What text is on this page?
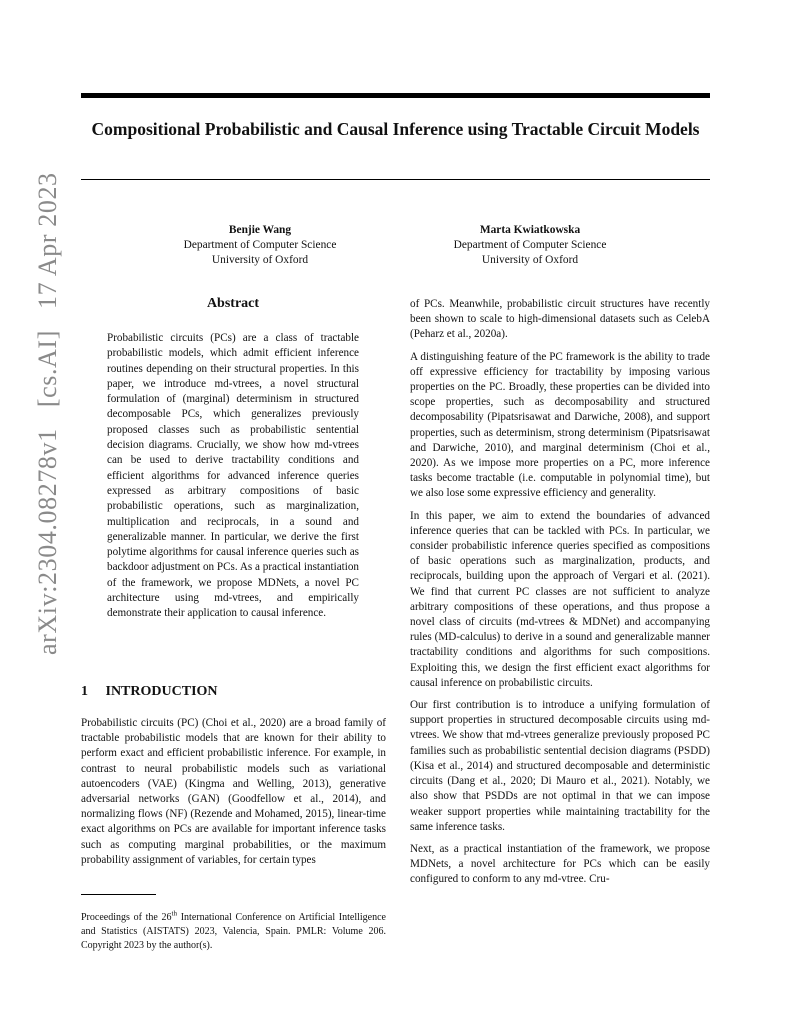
Compositional Probabilistic and Causal Inference using Tractable Circuit Models
Benjie Wang
Department of Computer Science
University of Oxford
Marta Kwiatkowska
Department of Computer Science
University of Oxford
arXiv:2304.08278v1 [cs.AI] 17 Apr 2023	Abstract

Probabilistic circuits (PCs) are a class of tractable probabilistic models, which admit efficient inference routines depending on their structural properties. In this paper, we introduce md-vtrees, a novel structural formulation of (marginal) determinism in structured decomposable PCs, which generalizes previously proposed classes such as probabilistic sentential decision diagrams. Crucially, we show how md-vtrees can be used to derive tractability conditions and efficient algorithms for advanced inference queries expressed as arbitrary compositions of basic probabilistic operations, such as marginalization, multiplication and reciprocals, in a sound and generalizable manner. In particular, we derive the first polytime algorithms for causal inference queries such as backdoor adjustment on PCs. As a practical instantiation of the framework, we propose MDNets, a novel PC architecture using md-vtrees, and empirically demonstrate their application to causal inference.

1 INTRODUCTION

Probabilistic circuits (PC) (Choi et al., 2020) are a broad family of tractable probabilistic models that are known for their ability to perform exact and efficient probabilistic inference. For example, in contrast to neural probabilistic models such as variational autoencoders (VAE) (Kingma and Welling, 2013), generative adversarial networks (GAN) (Goodfellow et al., 2014), and normalizing flows (NF) (Rezende and Mohamed, 2015), linear-time exact algorithms on PCs are available for important inference tasks such as computing marginal probabilities, or the maximum probability assignment of variables, for certain types

Proceedings of the 26th International Conference on Artificial Intelligence and Statistics (AISTATS) 2023, Valencia, Spain. PMLR: Volume 206. Copyright 2023 by the author(s).

of PCs. Meanwhile, probabilistic circuit structures have recently been shown to scale to high-dimensional datasets such as CelebA (Peharz et al., 2020a).

A distinguishing feature of the PC framework is the ability to trade off expressive efficiency for tractability by imposing various properties on the PC. Broadly, these properties can be divided into scope properties, such as decomposability and structured decomposability (Pipatsrisawat and Darwiche, 2008), and support properties, such as determinism, strong determinism (Pipatsrisawat and Darwiche, 2010), and marginal determinism (Choi et al., 2020). As we impose more properties on a PC, more inference tasks become tractable (i.e. computable in polynomial time), but we also lose some expressive efficiency and generality.

In this paper, we aim to extend the boundaries of advanced inference queries that can be tackled with PCs. In particular, we consider probabilistic inference queries specified as compositions of basic operations such as marginalization, products, and reciprocals, building upon the approach of Vergari et al. (2021). We find that current PC classes are not sufficient to analyze arbitrary compositions of these operations, and thus propose a novel class of circuits (md-vtrees & MDNet) and accompanying rules (MD-calculus) to derive in a sound and generalizable manner tractability conditions and algorithms for such compositions. Exploiting this, we design the first efficient exact algorithms for causal inference on probabilistic circuits.

Our first contribution is to introduce a unifying formulation of support properties in structured decomposable circuits using md-vtrees. We show that md-vtrees generalize previously proposed PC families such as probabilistic sentential decision diagrams (PSDD) (Kisa et al., 2014) and structured decomposable and deterministic circuits (Dang et al., 2020; Di Mauro et al., 2021). Notably, we also show that PSDDs are not optimal in that we can impose weaker support properties while maintaining tractability for the same inference tasks.

Next, as a practical instantiation of the framework, we propose MDNets, a novel architecture for PCs which can be easily configured to conform to any md-vtree. Cru-
